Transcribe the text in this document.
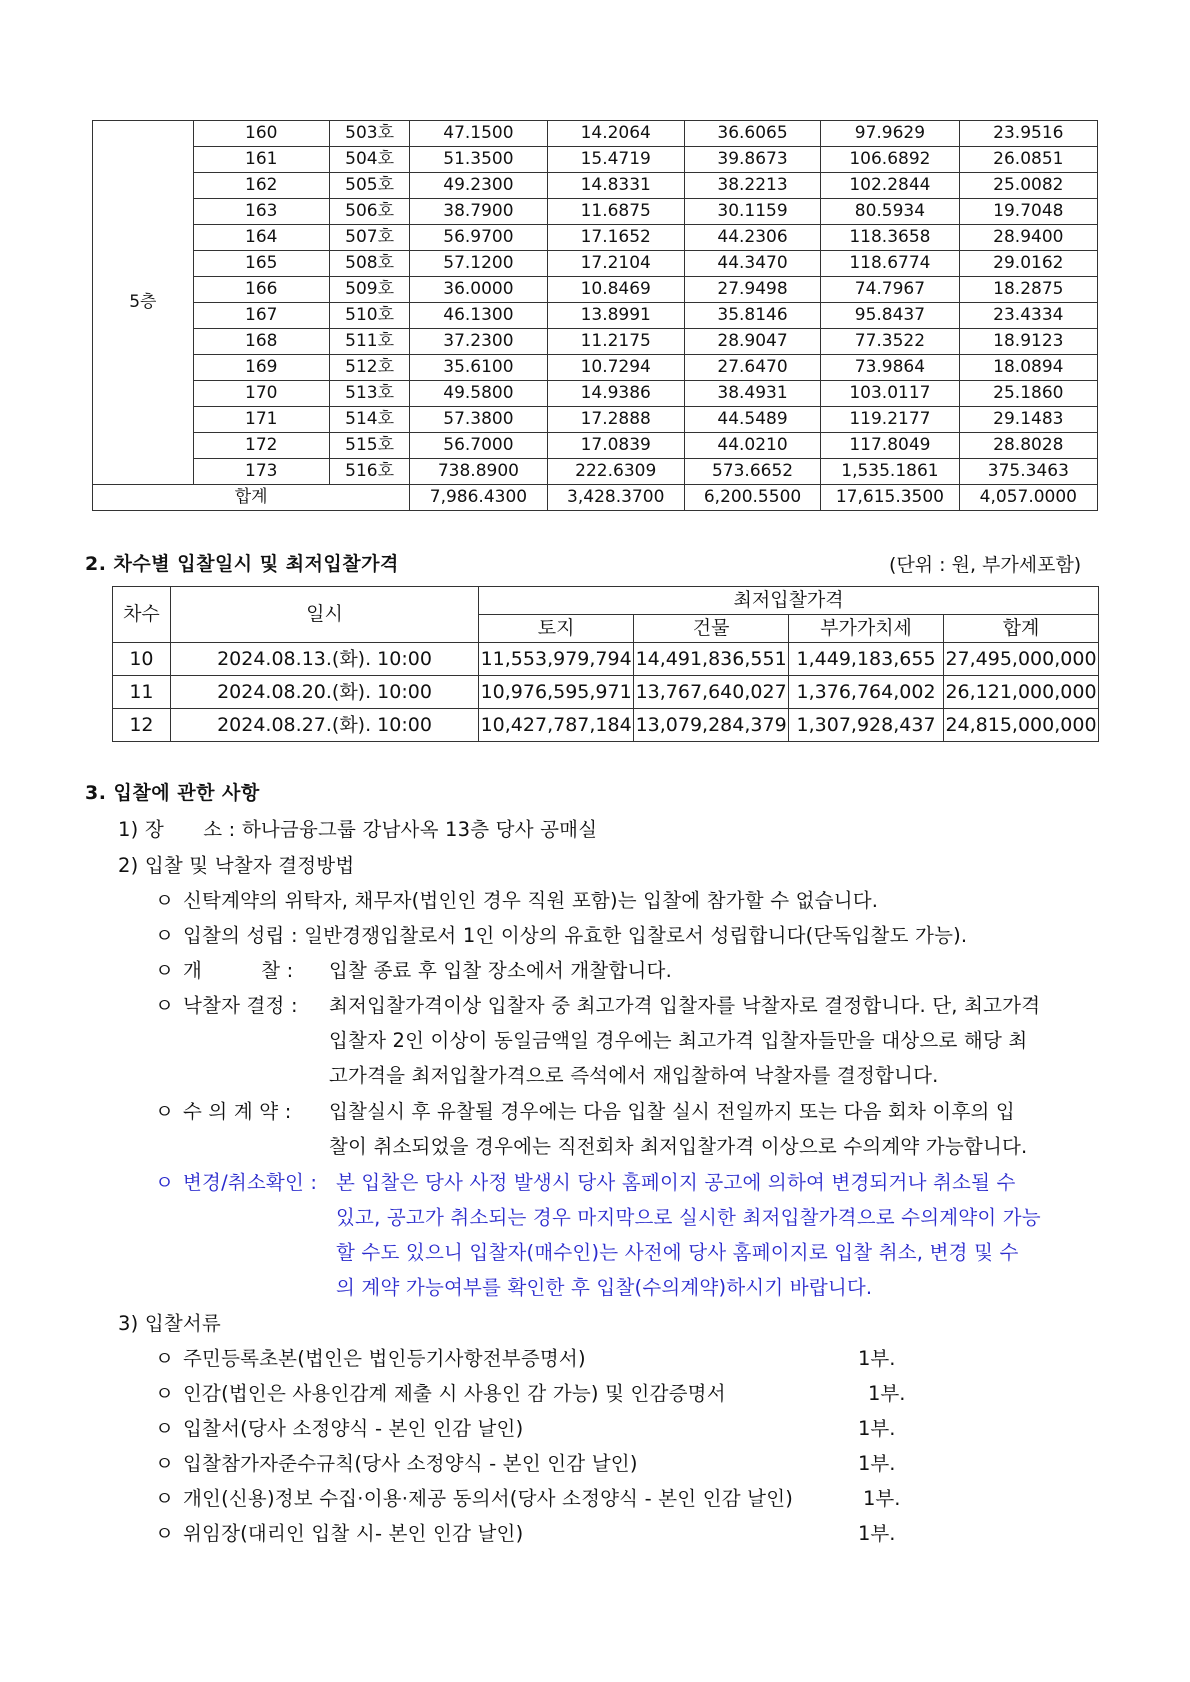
5층	160	503호	47.1500	14.2064	36.6065	97.9629	23.9516
	161	504호	51.3500	15.4719	39.8673	106.6892	26.0851
	162	505호	49.2300	14.8331	38.2213	102.2844	25.0082
	163	506호	38.7900	11.6875	30.1159	80.5934	19.7048
	164	507호	56.9700	17.1652	44.2306	118.3658	28.9400
	165	508호	57.1200	17.2104	44.3470	118.6774	29.0162
	166	509호	36.0000	10.8469	27.9498	74.7967	18.2875
	167	510호	46.1300	13.8991	35.8146	95.8437	23.4334
	168	511호	37.2300	11.2175	28.9047	77.3522	18.9123
	169	512호	35.6100	10.7294	27.6470	73.9864	18.0894
	170	513호	49.5800	14.9386	38.4931	103.0117	25.1860
	171	514호	57.3800	17.2888	44.5489	119.2177	29.1483
	172	515호	56.7000	17.0839	44.0210	117.8049	28.8028
	173	516호	738.8900	222.6309	573.6652	1,535.1861	375.3463
합계			7,986.4300	3,428.3700	6,200.5500	17,615.3500	4,057.0000
2. 차수별 입찰일시 및 최저입찰가격	(단위 : 원, 부가세포함)
차수	일시	최저입찰가격			
		토지	건물	부가가치세	합계
10	2024.08.13.(화). 10:00	11,553,979,794	14,491,836,551	1,449,183,655	27,495,000,000
11	2024.08.20.(화). 10:00	10,976,595,971	13,767,640,027	1,376,764,002	26,121,000,000
12	2024.08.27.(화). 10:00	10,427,787,184	13,079,284,379	1,307,928,437	24,815,000,000
3. 입찰에 관한 사항
1) 장　　소 : 하나금융그룹 강남사옥 13층 당사 공매실
2) 입찰 및 낙찰자 결정방법
ㅇ 신탁계약의 위탁자, 채무자(법인인 경우 직원 포함)는 입찰에 참가할 수 없습니다.
ㅇ 입찰의 성립 : 일반경쟁입찰로서 1인 이상의 유효한 입찰로서 성립합니다(단독입찰도 가능).
ㅇ 개　　　찰 : 입찰 종료 후 입찰 장소에서 개찰합니다.
ㅇ 낙찰자 결정 : 최저입찰가격이상 입찰자 중 최고가격 입찰자를 낙찰자로 결정합니다. 단, 최고가격
입찰자 2인 이상이 동일금액일 경우에는 최고가격 입찰자들만을 대상으로 해당 최
고가격을 최저입찰가격으로 즉석에서 재입찰하여 낙찰자를 결정합니다.
ㅇ 수 의 계 약 : 입찰실시 후 유찰될 경우에는 다음 입찰 실시 전일까지 또는 다음 회차 이후의 입
찰이 취소되었을 경우에는 직전회차 최저입찰가격 이상으로 수의계약 가능합니다.
ㅇ 변경/취소확인 : 본 입찰은 당사 사정 발생시 당사 홈페이지 공고에 의하여 변경되거나 취소될 수
있고, 공고가 취소되는 경우 마지막으로 실시한 최저입찰가격으로 수의계약이 가능
할 수도 있으니 입찰자(매수인)는 사전에 당사 홈페이지로 입찰 취소, 변경 및 수
의 계약 가능여부를 확인한 후 입찰(수의계약)하시기 바랍니다.
3) 입찰서류
ㅇ 주민등록초본(법인은 법인등기사항전부증명서)	1부.
ㅇ 인감(법인은 사용인감계 제출 시 사용인 감 가능) 및 인감증명서	1부.
ㅇ 입찰서(당사 소정양식 - 본인 인감 날인)	1부.
ㅇ 입찰참가자준수규칙(당사 소정양식 - 본인 인감 날인)	1부.
ㅇ 개인(신용)정보 수집·이용·제공 동의서(당사 소정양식 - 본인 인감 날인)	1부.
ㅇ 위임장(대리인 입찰 시- 본인 인감 날인)	1부.
